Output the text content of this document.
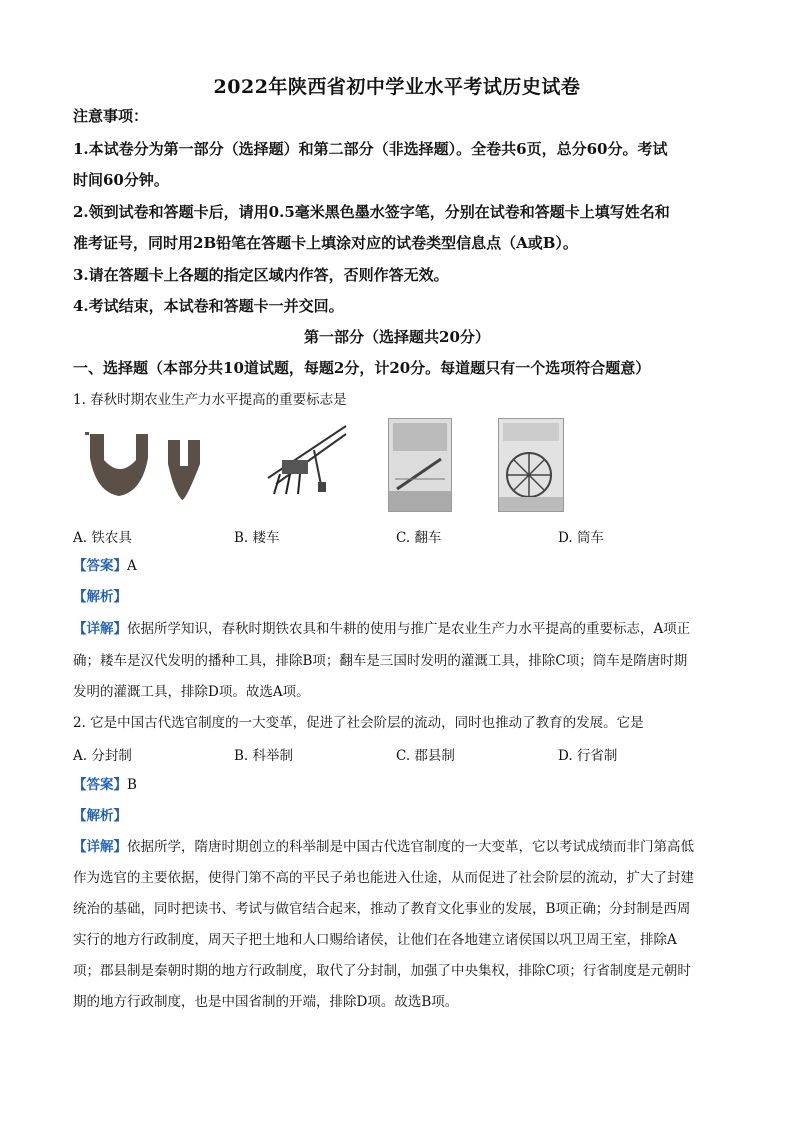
2022年陕西省初中学业水平考试历史试卷
注意事项：
1.本试卷分为第一部分（选择题）和第二部分（非选择题）。全卷共6页，总分60分。考试
时间60分钟。
2.领到试卷和答题卡后，请用0.5毫米黑色墨水签字笔，分别在试卷和答题卡上填写姓名和
准考证号，同时用2B铅笔在答题卡上填涂对应的试卷类型信息点（A或B）。
3.请在答题卡上各题的指定区域内作答，否则作答无效。
4.考试结束，本试卷和答题卡一并交回。
第一部分（选择题共20分）
一、选择题（本部分共10道试题，每题2分，计20分。每道题只有一个选项符合题意）
1. 春秋时期农业生产力水平提高的重要标志是
A. 铁农具	B. 耧车	C. 翻车	D. 筒车
【答案】A
【解析】
【详解】依据所学知识，春秋时期铁农具和牛耕的使用与推广是农业生产力水平提高的重要标志，A项正
确；耧车是汉代发明的播种工具，排除B项；翻车是三国时发明的灌溉工具，排除C项；筒车是隋唐时期
发明的灌溉工具，排除D项。故选A项。
2. 它是中国古代选官制度的一大变革，促进了社会阶层的流动，同时也推动了教育的发展。它是
A. 分封制	B. 科举制	C. 郡县制	D. 行省制
【答案】B
【解析】
【详解】依据所学，隋唐时期创立的科举制是中国古代选官制度的一大变革，它以考试成绩而非门第高低
作为选官的主要依据，使得门第不高的平民子弟也能进入仕途，从而促进了社会阶层的流动，扩大了封建
统治的基础，同时把读书、考试与做官结合起来，推动了教育文化事业的发展，B项正确；分封制是西周
实行的地方行政制度，周天子把土地和人口赐给诸侯，让他们在各地建立诸侯国以巩卫周王室，排除A
项；郡县制是秦朝时期的地方行政制度，取代了分封制，加强了中央集权，排除C项；行省制度是元朝时
期的地方行政制度，也是中国省制的开端，排除D项。故选B项。
